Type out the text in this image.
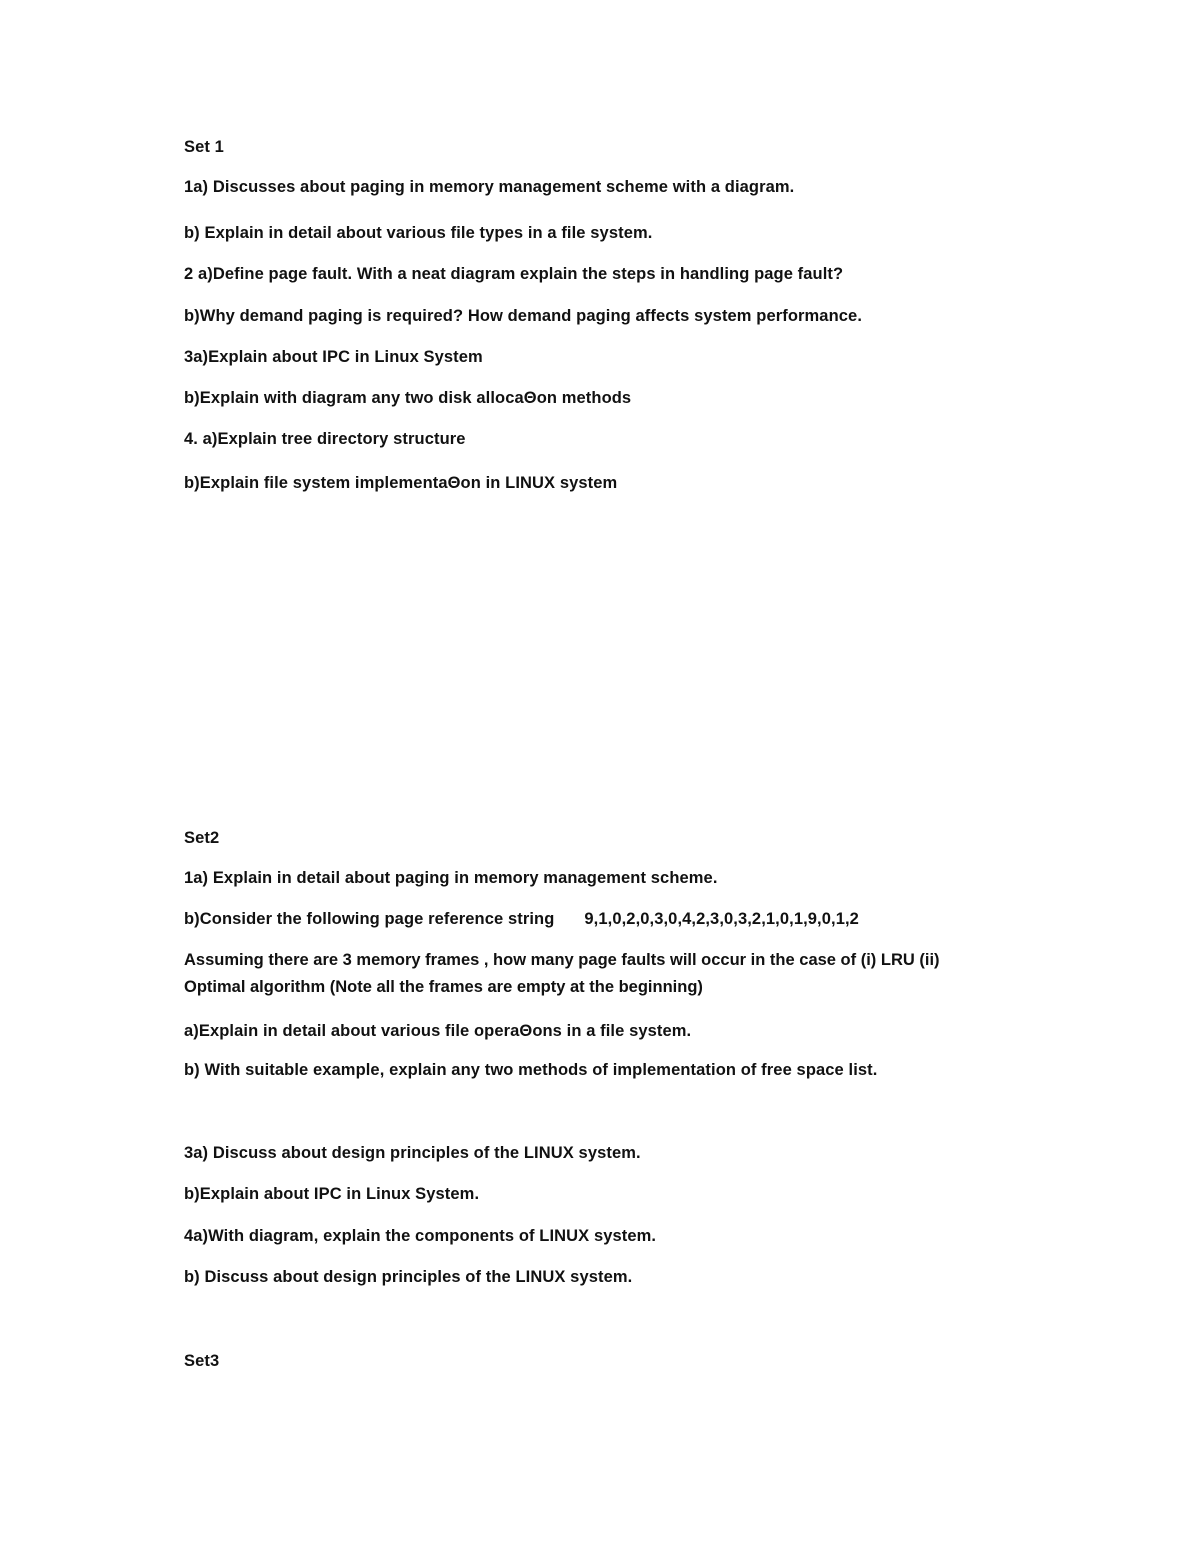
Set 1
1a) Discusses about paging in memory management scheme with a diagram.
b) Explain in detail about various file types in a file system.
2 a)Define page fault. With a neat diagram explain the steps in handling page fault?
b)Why demand paging is required? How demand paging affects system performance.
3a)Explain about IPC in Linux System
b)Explain with diagram any two disk allocaΘon methods
4. a)Explain tree directory structure
b)Explain file system implementaΘon in LINUX system
Set2
1a) Explain in detail about paging in memory management scheme.
b)Consider the following page reference string 9,1,0,2,0,3,0,4,2,3,0,3,2,1,0,1,9,0,1,2
Assuming there are 3 memory frames , how many page faults will occur in the case of (i) LRU (ii) Optimal algorithm (Note all the frames are empty at the beginning)
a)Explain in detail about various file operaΘons in a file system.
b) With suitable example, explain any two methods of implementation of free space list.
3a) Discuss about design principles of the LINUX system.
b)Explain about IPC in Linux System.
4a)With diagram, explain the components of LINUX system.
b) Discuss about design principles of the LINUX system.
Set3
